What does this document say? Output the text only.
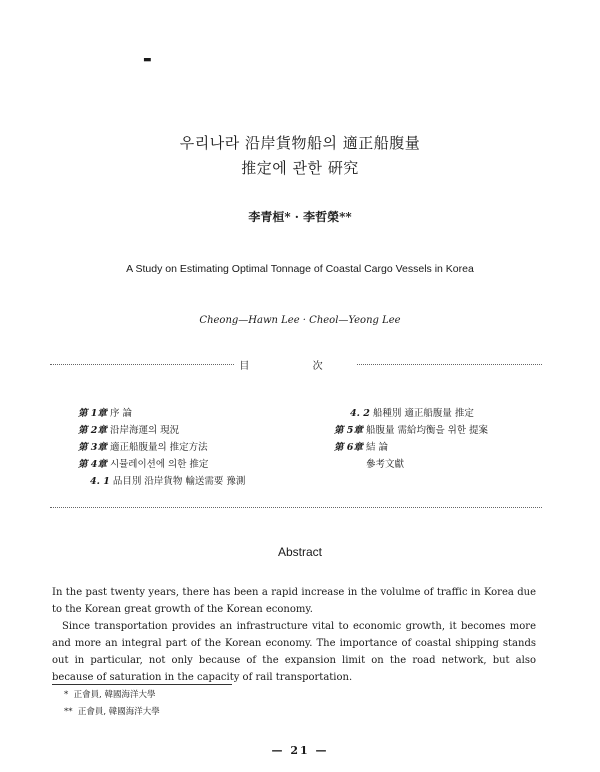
▬
우리나라 沿岸貨物船의 適正船腹量
推定에 관한 硏究
李青桓* · 李哲榮**
A Study on Estimating Optimal Tonnage of Coastal Cargo Vessels in Korea
Cheong—Hawn Lee · Cheol—Yeong Lee
目 次
第 1章 序 論
第 2章 沿岸海運의 現況
第 3章 適正船腹量의 推定方法
第 4章 시뮬레이션에 의한 推定
4. 1 品目別 沿岸貨物 輸送需要 豫測
4. 2 船種別 適正船腹量 推定
第 5章 船腹量 需給均衡을 위한 提案
第 6章 結 論
參考文獻
Abstract

In the past twenty years, there has been a rapid increase in the volulme of traffic in Korea due to the Korean great growth of the Korean economy.

Since transportation provides an infrastructure vital to economic growth, it becomes more and more an integral part of the Korean economy. The importance of coastal shipping stands out in particular, not only because of the expansion limit on the road network, but also because of saturation in the capacity of rail transportation.

* 正會員, 韓國海洋大學
** 正會員, 韓國海洋大學
— 21 —
